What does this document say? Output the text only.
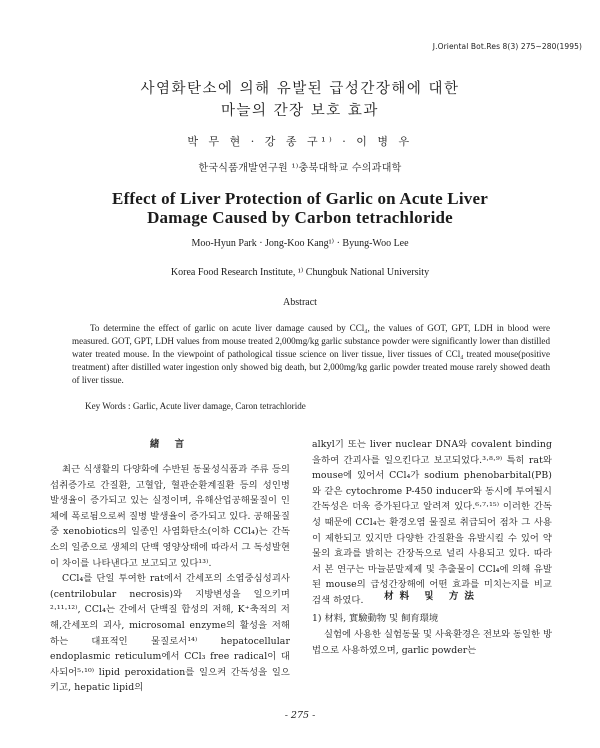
J.Oriental Bot.Res 8(3) 275~280(1995)
사염화탄소에 의해 유발된 급성간장해에 대한
마늘의 간장 보호 효과
박 무 현 · 강 종 구¹⁾ · 이 병 우
한국식품개발연구원 ¹⁾충북대학교 수의과대학
Effect of Liver Protection of Garlic on Acute Liver
Damage Caused by Carbon tetrachloride
Moo-Hyun Park · Jong-Koo Kang¹⁾ · Byung-Woo Lee
Korea Food Research Institute, ¹⁾ Chungbuk National University
Abstract
To determine the effect of garlic on acute liver damage caused by CCl₄, the values of GOT, GPT, LDH in blood were measured. GOT, GPT, LDH values from mouse treated 2,000mg/kg garlic substance powder were significantly lower than distilled water treated mouse. In the viewpoint of pathological tissue science on liver tissue, liver tissues of CCl₄ treated mouse(positive treatment) after distilled water ingestion only showed big death, but 2,000mg/kg garlic powder treated mouse rarely showed death of liver tissue.
Key Words : Garlic, Acute liver damage, Caron tetrachloride
緒 言

최근 식생활의 다양화에 수반된 동물성식품과 주류 등의 섭취증가로 간질환, 고혈압, 혈관순환계질환 등의 성인병 발생율이 증가되고 있는 실정이며, 유해산업공해물질이 인체에 폭로됨으로써 질병 발생율이 증가되고 있다. 공해물질중 xenobiotics의 일종인 사염화탄소(이하 CCl₄)는 간독소의 일종으로 생체의 단백 영양상태에 따라서 그 독성발현이 차이를 나타낸다고 보고되고 있다¹³⁾.

CCl₄를 단일 투여한 rat에서 간세포의 소엽중심성괴사(centrilobular necrosis)와 지방변성을 일으키며²·¹¹·¹²⁾, CCl₄는 간에서 단백질 합성의 저해, K⁺축적의 저해,간세포의 괴사, microsomal enzyme의 활성을 저해하는 대표적인 물질로서¹⁴⁾ hepatocellular endoplasmic reticulum에서 CCl₃ free radical이 대사되어⁵·¹⁰⁾ lipid peroxidation를 일으켜 간독성을 일으키고, hepatic lipid의

alkyl기 또는 liver nuclear DNA와 covalent binding을하여 간괴사를 일으킨다고 보고되었다.³·⁸·⁹⁾ 특히 rat와 mouse에 있어서 CCl₄가 sodium phenobarbital(PB)와 같은 cytochrome P-450 inducer와 동시에 투여될시 간독성은 더욱 증가된다고 알려져 있다.⁶·⁷·¹⁵⁾ 이러한 간독성 때문에 CCl₄는 환경오염 물질로 취급되어 점차 그 사용이 제한되고 있지만 다양한 간질환을 유발시킬 수 있어 약물의 효과를 밝히는 간장독으로 널리 사용되고 있다. 따라서 본 연구는 마늘분말제제 및 추출물이 CCl₄에 의해 유발된 mouse의 급성간장해에 어떤 효과를 미치는지를 비교검색 하였다.	材料 및 方法
1) 材料, 實驗動物 및 飼育環境
실험에 사용한 실험동물 및 사육환경은 전보와 동일한 방법으로 사용하였으며, garlic powder는
- 275 -
